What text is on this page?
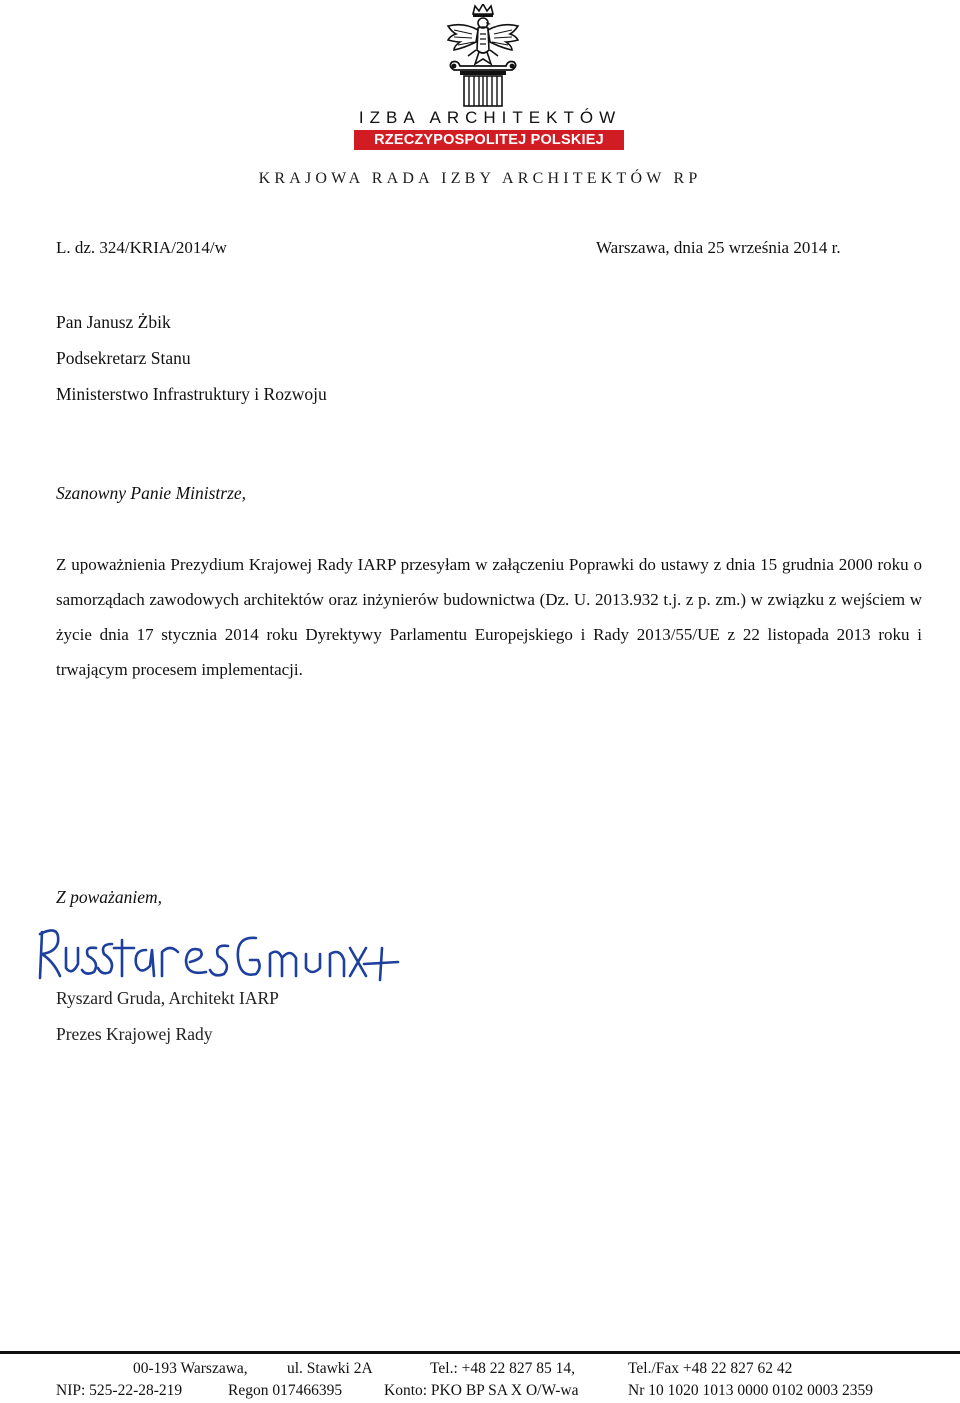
IZBA ARCHITEKTÓW
RZECZYPOSPOLITEJ POLSKIEJ
KRAJOWA RADA IZBY ARCHITEKTÓW RP
L. dz. 324/KRIA/2014/w	Warszawa, dnia 25 września 2014 r.
Pan Janusz Żbik
Podsekretarz Stanu
Ministerstwo Infrastruktury i Rozwoju
Szanowny Panie Ministrze,

Z upoważnienia Prezydium Krajowej Rady IARP przesyłam w załączeniu Poprawki do ustawy z dnia 15 grudnia 2000 roku o samorządach zawodowych architektów oraz inżynierów budownictwa (Dz. U. 2013.932 t.j. z p. zm.) w związku z wejściem w życie dnia 17 stycznia 2014 roku Dyrektywy Parlamentu Europejskiego i Rady 2013/55/UE z 22 listopada 2013 roku i trwającym procesem implementacji.

Z poważaniem,
Ryszard Gruda, Architekt IARP
Prezes Krajowej Rady
00-193 Warszawa,	ul. Stawki 2A	Tel.: +48 22 827 85 14,	Tel./Fax +48 22 827 62 42
NIP: 525-22-28-219	Regon 017466395	Konto: PKO BP SA X O/W-wa	Nr 10 1020 1013 0000 0102 0003 2359
